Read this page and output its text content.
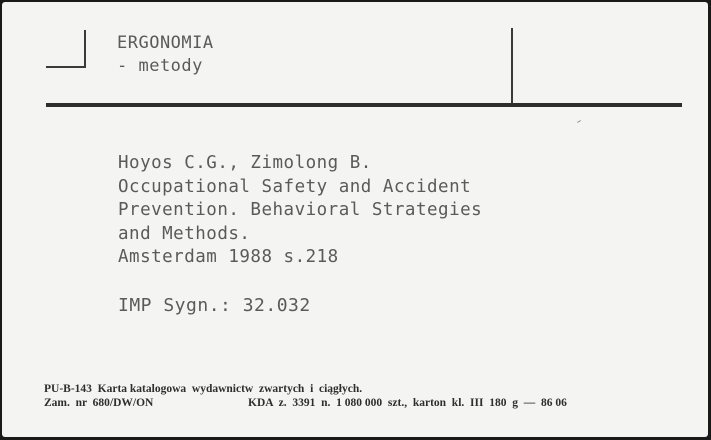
ERGONOMIA
- metody
Hoyos C.G., Zimolong B.
Occupational Safety and Accident
Prevention. Behavioral Strategies
and Methods.
Amsterdam 1988 s.218
IMP Sygn.: 32.032
PU-B-143  Karta katalogowa  wydawnictw  zwartych  i  ciągłych.
Zam.  nr  680/DW/ON	KDA  z.  3391  n.  1 080 000  szt.,  karton  kl.  III  180  g  —  86 06
